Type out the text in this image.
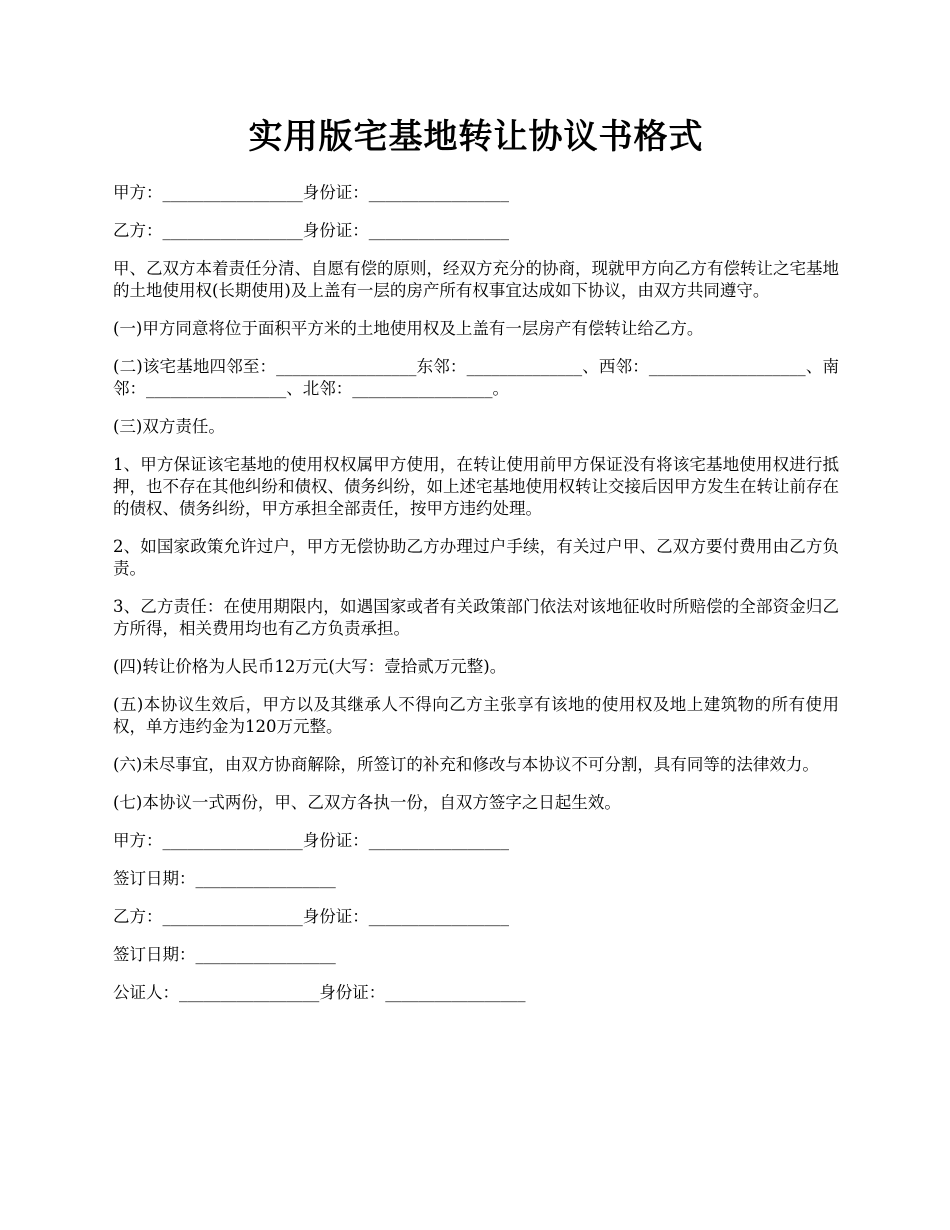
实用版宅基地转让协议书格式

甲方：_________________身份证：_________________

乙方：_________________身份证：_________________

甲、乙双方本着责任分清、自愿有偿的原则，经双方充分的协商，现就甲方向乙方有偿转让之宅基地的土地使用权(长期使用)及上盖有一层的房产所有权事宜达成如下协议，由双方共同遵守。

(一)甲方同意将位于面积平方米的土地使用权及上盖有一层房产有偿转让给乙方。

(二)该宅基地四邻至：_________________东邻：______________、西邻：___________________、南邻：_________________、北邻：_________________。

(三)双方责任。

1、甲方保证该宅基地的使用权权属甲方使用，在转让使用前甲方保证没有将该宅基地使用权进行抵押，也不存在其他纠纷和债权、债务纠纷，如上述宅基地使用权转让交接后因甲方发生在转让前存在的债权、债务纠纷，甲方承担全部责任，按甲方违约处理。

2、如国家政策允许过户，甲方无偿协助乙方办理过户手续，有关过户甲、乙双方要付费用由乙方负责。

3、乙方责任：在使用期限内，如遇国家或者有关政策部门依法对该地征收时所赔偿的全部资金归乙方所得，相关费用均也有乙方负责承担。

(四)转让价格为人民币12万元(大写：壹拾贰万元整)。

(五)本协议生效后，甲方以及其继承人不得向乙方主张享有该地的使用权及地上建筑物的所有使用权，单方违约金为120万元整。

(六)未尽事宜，由双方协商解除，所签订的补充和修改与本协议不可分割，具有同等的法律效力。

(七)本协议一式两份，甲、乙双方各执一份，自双方签字之日起生效。

甲方：_________________身份证：_________________

签订日期：_________________

乙方：_________________身份证：_________________

签订日期：_________________

公证人：_________________身份证：_________________
